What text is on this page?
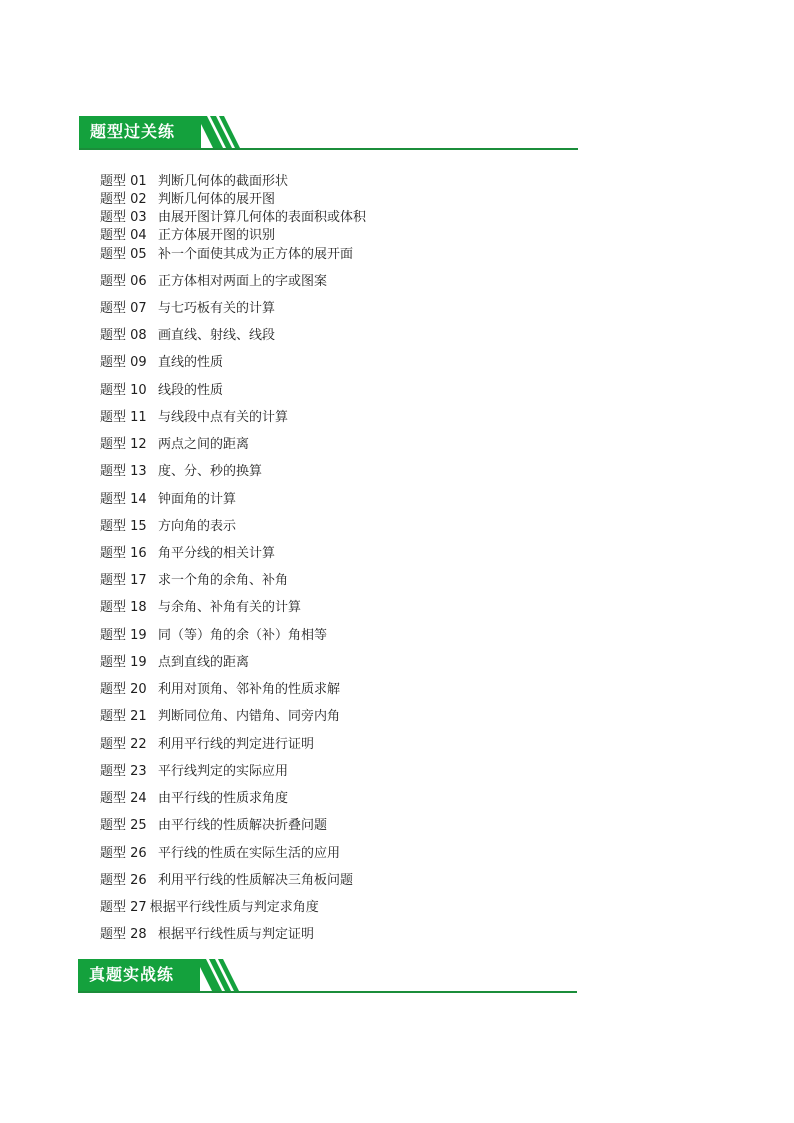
题型过关练
题型 01 判断几何体的截面形状
题型 02 判断几何体的展开图
题型 03 由展开图计算几何体的表面积或体积
题型 04 正方体展开图的识别
题型 05 补一个面使其成为正方体的展开面
题型 06 正方体相对两面上的字或图案
题型 07 与七巧板有关的计算
题型 08 画直线、射线、线段
题型 09 直线的性质
题型 10 线段的性质
题型 11 与线段中点有关的计算
题型 12 两点之间的距离
题型 13 度、分、秒的换算
题型 14 钟面角的计算
题型 15 方向角的表示
题型 16 角平分线的相关计算
题型 17 求一个角的余角、补角
题型 18 与余角、补角有关的计算
题型 19 同（等）角的余（补）角相等
题型 19 点到直线的距离
题型 20 利用对顶角、邻补角的性质求解
题型 21 判断同位角、内错角、同旁内角
题型 22 利用平行线的判定进行证明
题型 23 平行线判定的实际应用
题型 24 由平行线的性质求角度
题型 25 由平行线的性质解决折叠问题
题型 26 平行线的性质在实际生活的应用
题型 26 利用平行线的性质解决三角板问题
题型 27 根据平行线性质与判定求角度
题型 28 根据平行线性质与判定证明
真题实战练
